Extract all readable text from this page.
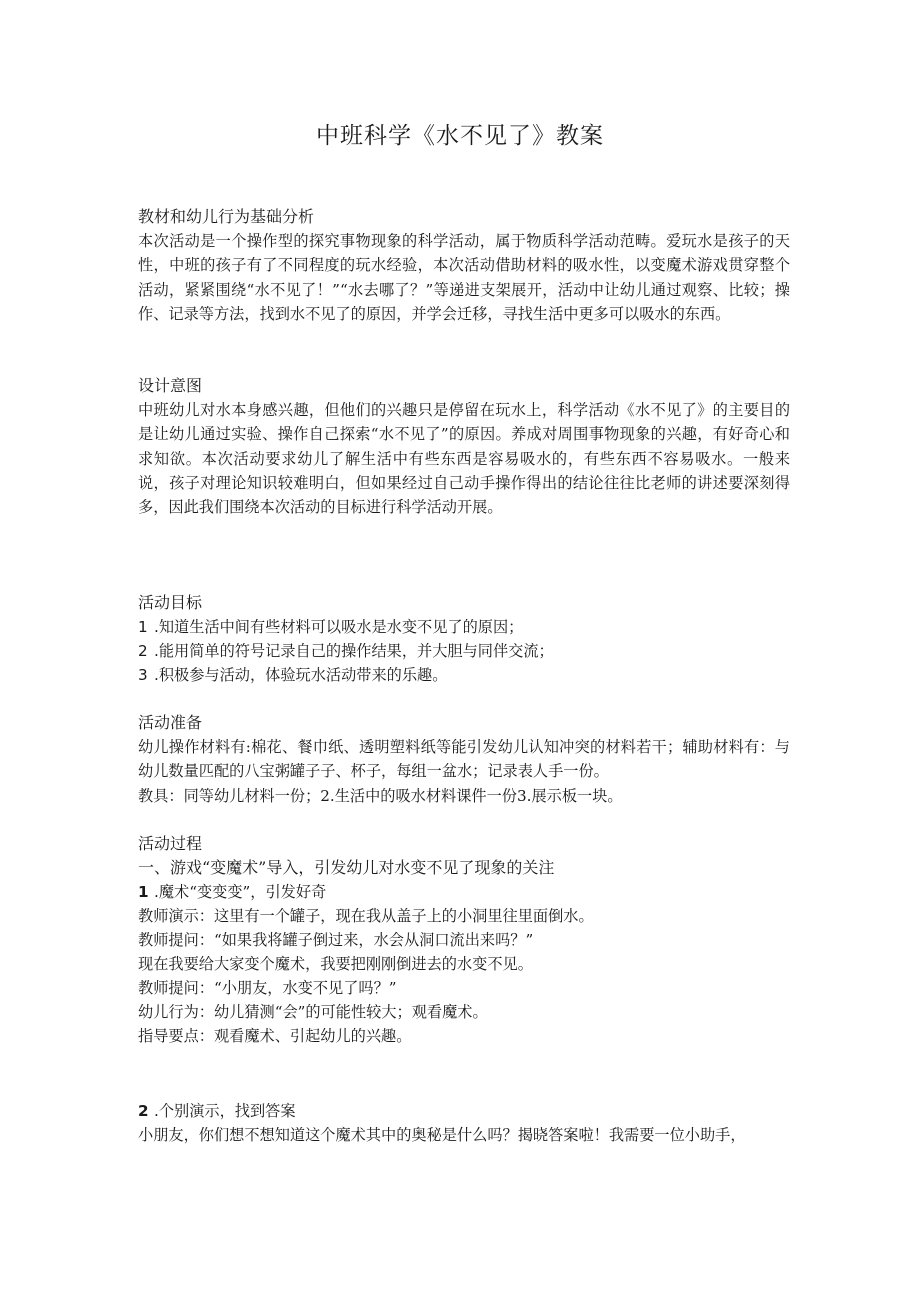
中班科学《水不见了》教案
教材和幼儿行为基础分析

本次活动是一个操作型的探究事物现象的科学活动，属于物质科学活动范畴。爱玩水是孩子的天性，中班的孩子有了不同程度的玩水经验，本次活动借助材料的吸水性，以变魔术游戏贯穿整个活动，紧紧围绕“水不见了！”“水去哪了？”等递进支架展开，活动中让幼儿通过观察、比较；操作、记录等方法，找到水不见了的原因，并学会迁移，寻找生活中更多可以吸水的东西。

设计意图

中班幼儿对水本身感兴趣，但他们的兴趣只是停留在玩水上，科学活动《水不见了》的主要目的是让幼儿通过实验、操作自己探索“水不见了”的原因。养成对周围事物现象的兴趣，有好奇心和求知欲。本次活动要求幼儿了解生活中有些东西是容易吸水的，有些东西不容易吸水。一般来说，孩子对理论知识较难明白，但如果经过自己动手操作得出的结论往往比老师的讲述要深刻得多，因此我们围绕本次活动的目标进行科学活动开展。

活动目标
1 .知道生活中间有些材料可以吸水是水变不见了的原因；
2 .能用简单的符号记录自己的操作结果，并大胆与同伴交流；
3 .积极参与活动，体验玩水活动带来的乐趣。
活动准备

幼儿操作材料有:棉花、餐巾纸、透明塑料纸等能引发幼儿认知冲突的材料若干；辅助材料有：与幼儿数量匹配的八宝粥罐子子、杯子，每组一盆水；记录表人手一份。

教具：同等幼儿材料一份；2.生活中的吸水材料课件一份3.展示板一块。
活动过程
一、游戏“变魔术”导入，引发幼儿对水变不见了现象的关注
1 .魔术“变变变”，引发好奇
教师演示：这里有一个罐子，现在我从盖子上的小洞里往里面倒水。
教师提问：“如果我将罐子倒过来，水会从洞口流出来吗？”
现在我要给大家变个魔术，我要把刚刚倒进去的水变不见。
教师提问：“小朋友，水变不见了吗？”
幼儿行为：幼儿猜测“会”的可能性较大；观看魔术。
指导要点：观看魔术、引起幼儿的兴趣。
2 .个别演示，找到答案

小朋友，你们想不想知道这个魔术其中的奥秘是什么吗？揭晓答案啦！我需要一位小助手，
